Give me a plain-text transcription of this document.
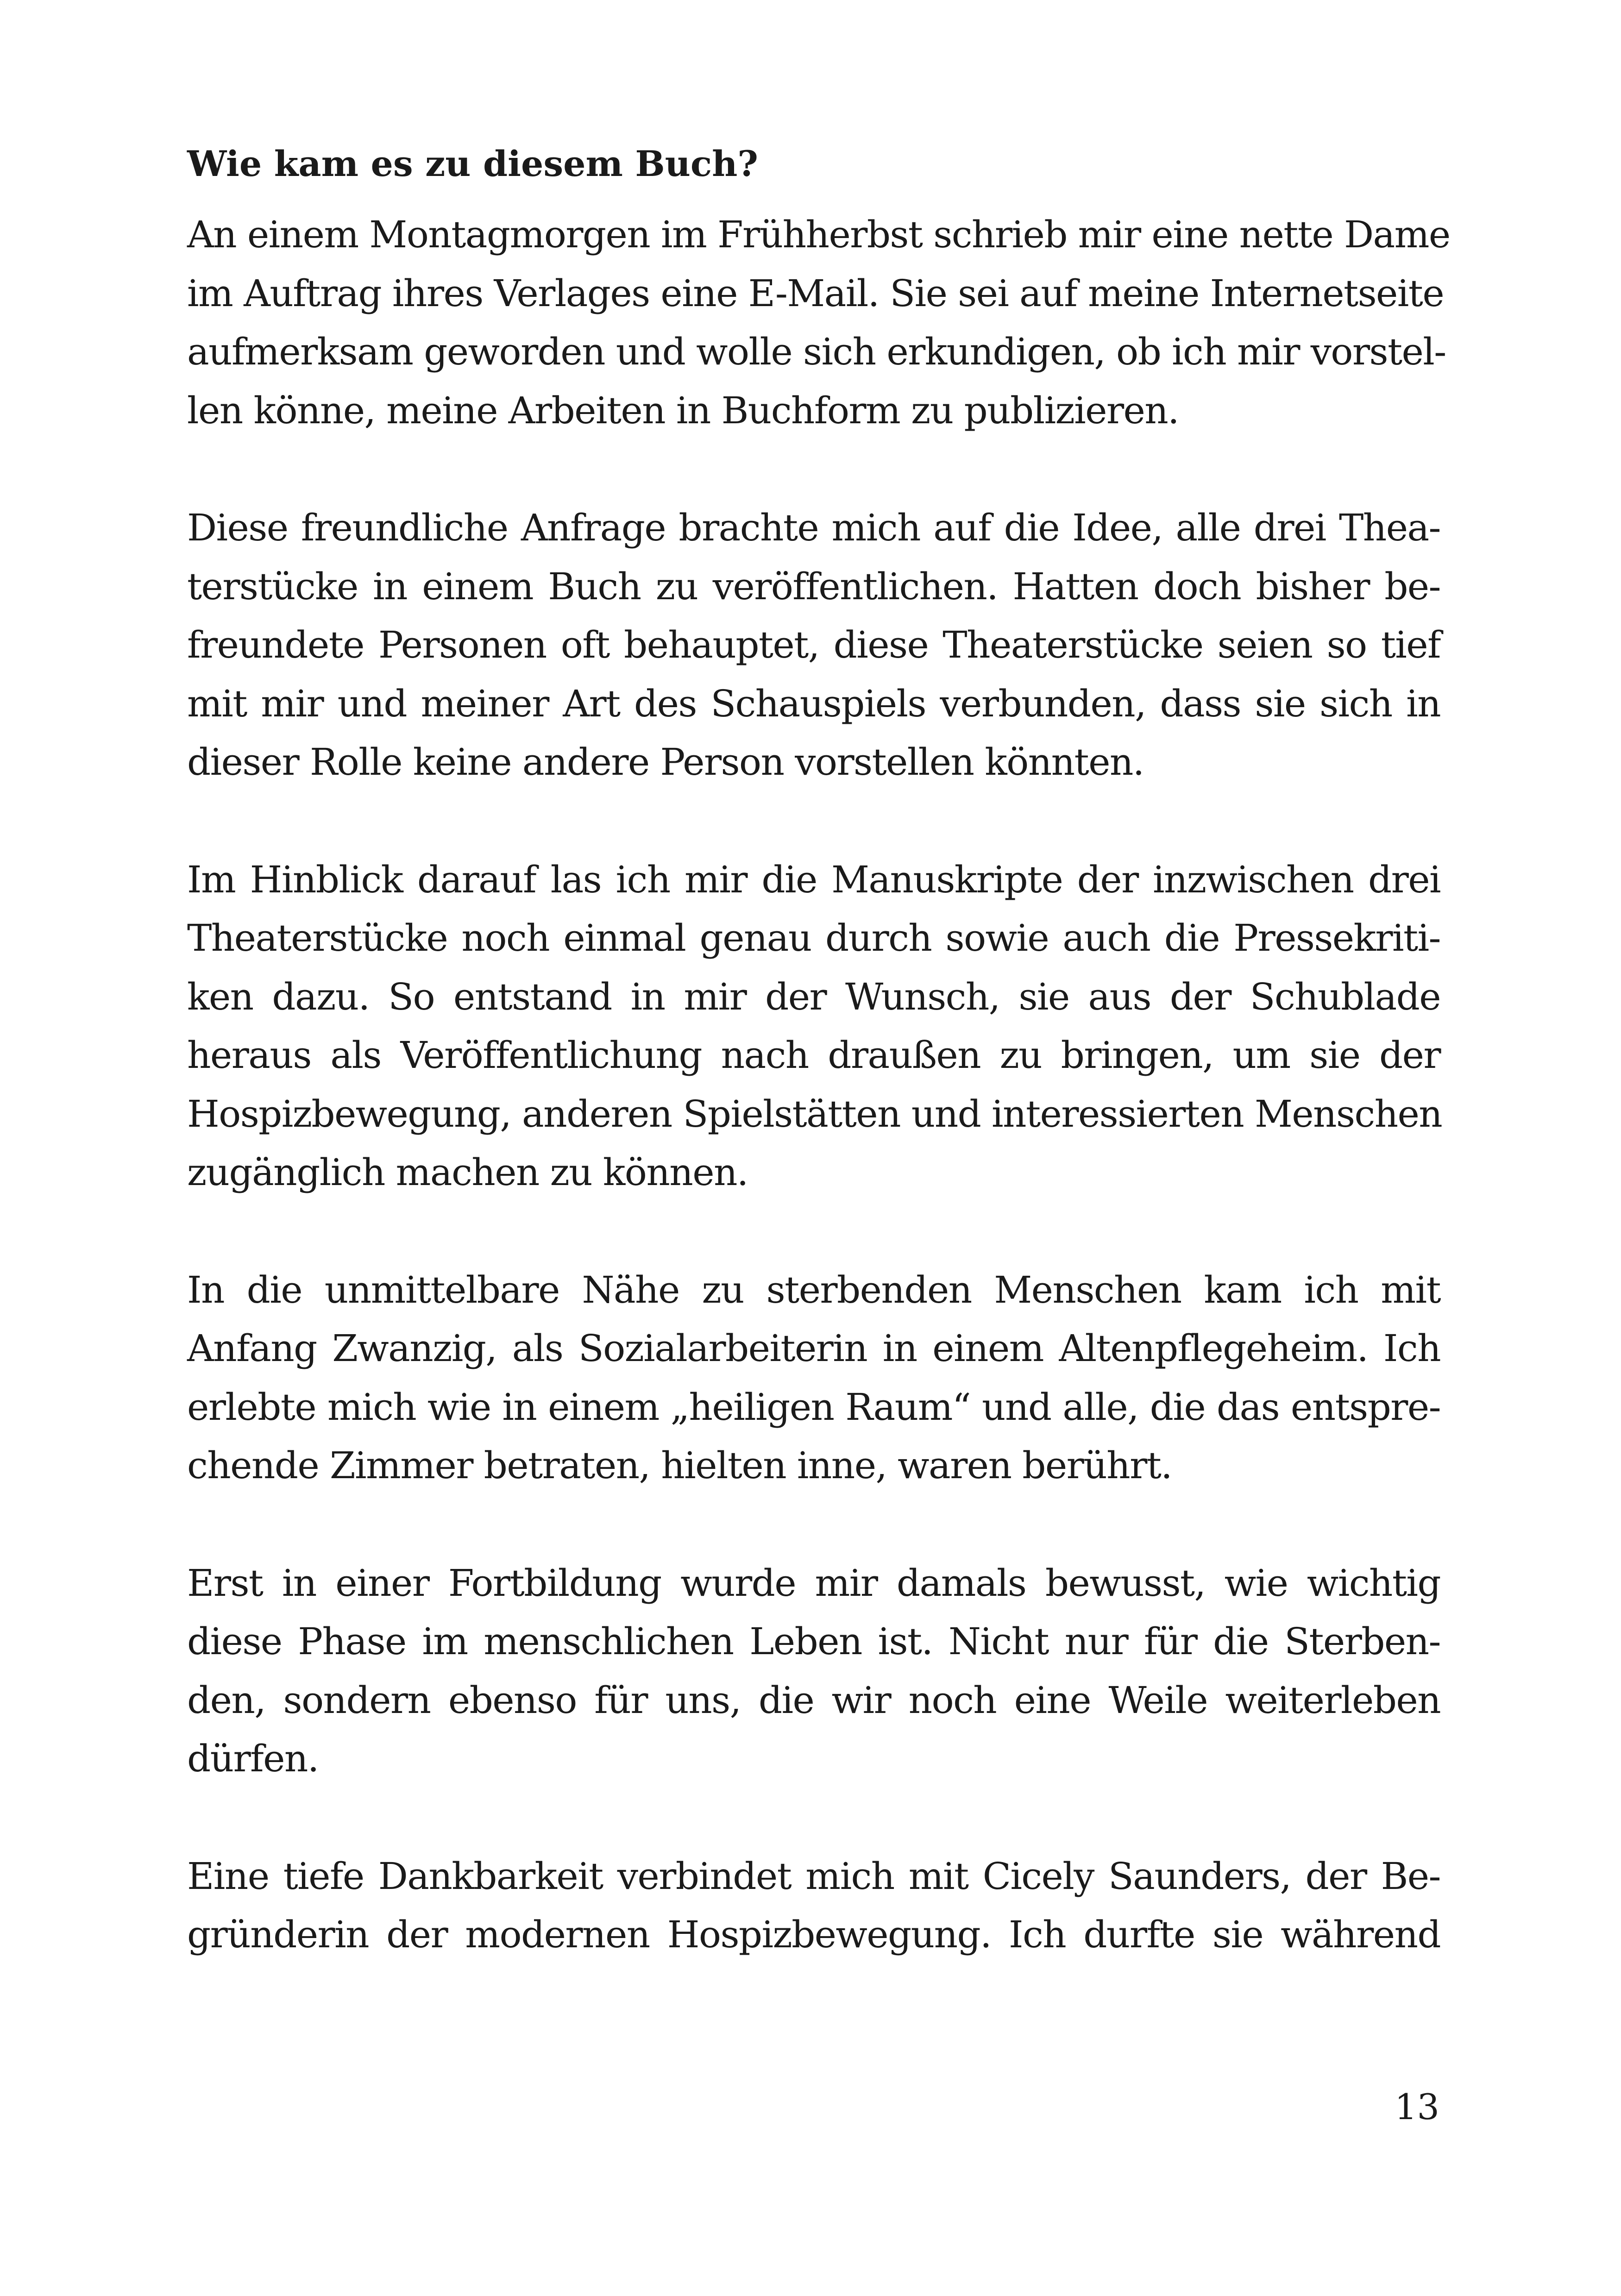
Wie kam es zu diesem Buch?
An einem Montagmorgen im Frühherbst schrieb mir eine nette Dame
im Auftrag ihres Verlages eine E-Mail. Sie sei auf meine Internetseite
aufmerksam geworden und wolle sich erkundigen, ob ich mir vorstel-
len könne, meine Arbeiten in Buchform zu publizieren.
Diese freundliche Anfrage brachte mich auf die Idee, alle drei Thea-
terstücke in einem Buch zu veröffentlichen. Hatten doch bisher be-
freundete Personen oft behauptet, diese Theaterstücke seien so tief
mit mir und meiner Art des Schauspiels verbunden, dass sie sich in
dieser Rolle keine andere Person vorstellen könnten.
Im Hinblick darauf las ich mir die Manuskripte der inzwischen drei
Theaterstücke noch einmal genau durch sowie auch die Pressekriti-
ken dazu. So entstand in mir der Wunsch, sie aus der Schublade
heraus als Veröffentlichung nach draußen zu bringen, um sie der
Hospizbewegung, anderen Spielstätten und interessierten Menschen
zugänglich machen zu können.
In die unmittelbare Nähe zu sterbenden Menschen kam ich mit
Anfang Zwanzig, als Sozialarbeiterin in einem Altenpflegeheim. Ich
erlebte mich wie in einem „heiligen Raum“ und alle, die das entspre-
chende Zimmer betraten, hielten inne, waren berührt.
Erst in einer Fortbildung wurde mir damals bewusst, wie wichtig
diese Phase im menschlichen Leben ist. Nicht nur für die Sterben-
den, sondern ebenso für uns, die wir noch eine Weile weiterleben
dürfen.
Eine tiefe Dankbarkeit verbindet mich mit Cicely Saunders, der Be-
gründerin der modernen Hospizbewegung. Ich durfte sie während
13
